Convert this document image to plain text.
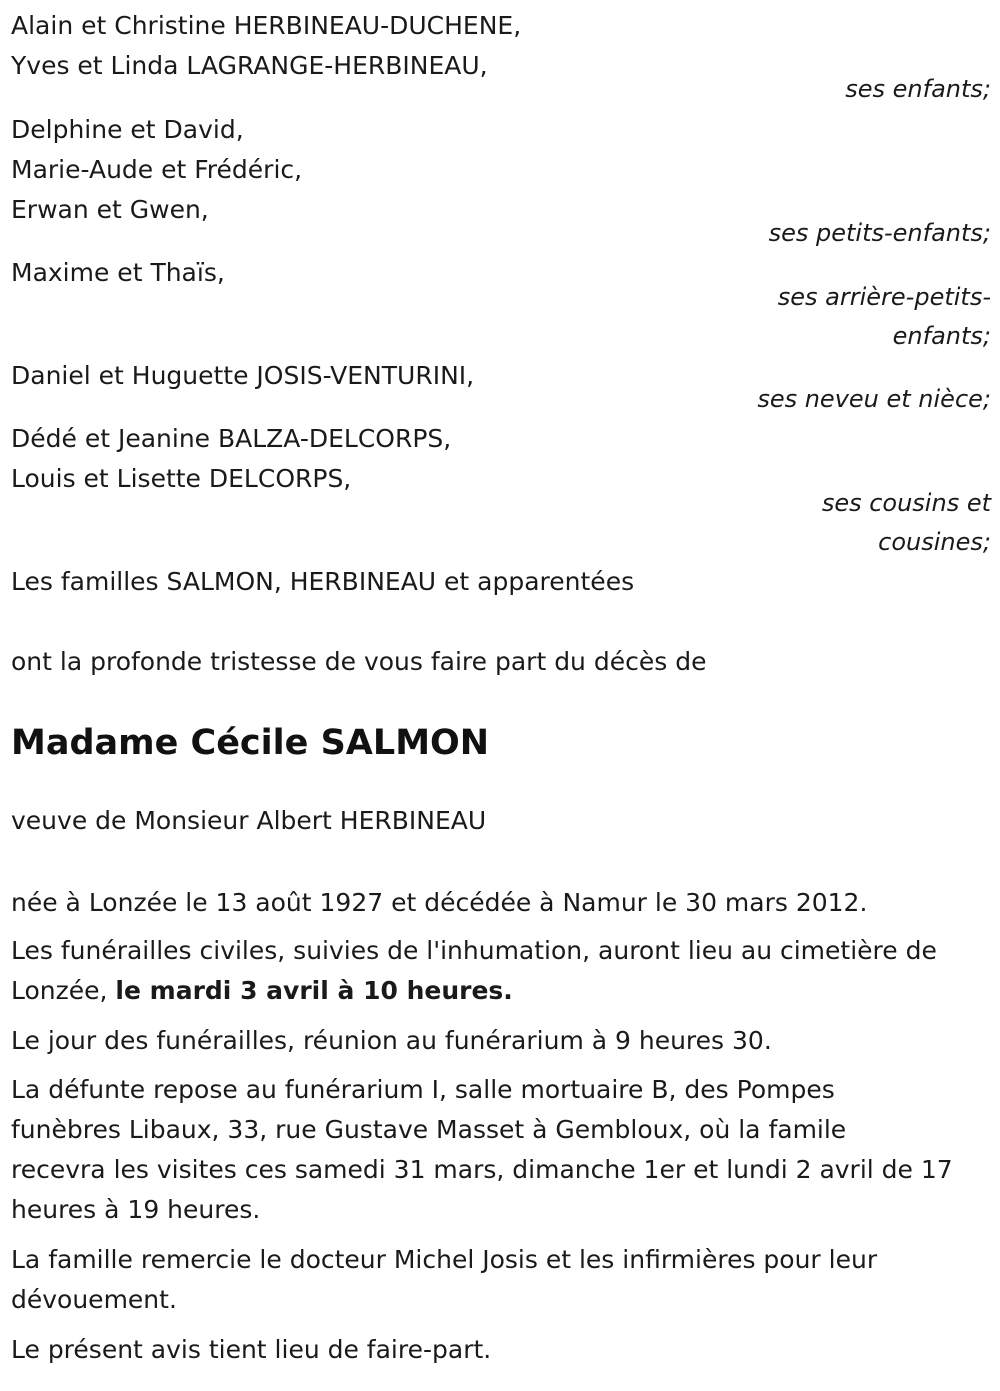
Alain et Christine HERBINEAU-DUCHENE,

Yves et Linda LAGRANGE-HERBINEAU,

ses enfants;

Delphine et David,

Marie-Aude et Frédéric,

Erwan et Gwen,

ses petits-enfants;

Maxime et Thaïs,

ses arrière-petits-

enfants;

Daniel et Huguette JOSIS-VENTURINI,

ses neveu et nièce;

Dédé et Jeanine BALZA-DELCORPS,

Louis et Lisette DELCORPS,

ses cousins et

cousines;

Les familles SALMON, HERBINEAU et apparentées

ont la profonde tristesse de vous faire part du décès de

Madame Cécile SALMON

veuve de Monsieur Albert HERBINEAU

née à Lonzée le 13 août 1927 et décédée à Namur le 30 mars 2012.

Les funérailles civiles, suivies de l'inhumation, auront lieu au cimetière de Lonzée, le mardi 3 avril à 10 heures.

Le jour des funérailles, réunion au funérarium à 9 heures 30.

La défunte repose au funérarium I, salle mortuaire B, des Pompes

funèbres Libaux, 33, rue Gustave Masset à Gembloux, où la famile

recevra les visites ces samedi 31 mars, dimanche 1er et lundi 2 avril de 17

heures à 19 heures.

La famille remercie le docteur Michel Josis et les infirmières pour leur

dévouement.

Le présent avis tient lieu de faire-part.
